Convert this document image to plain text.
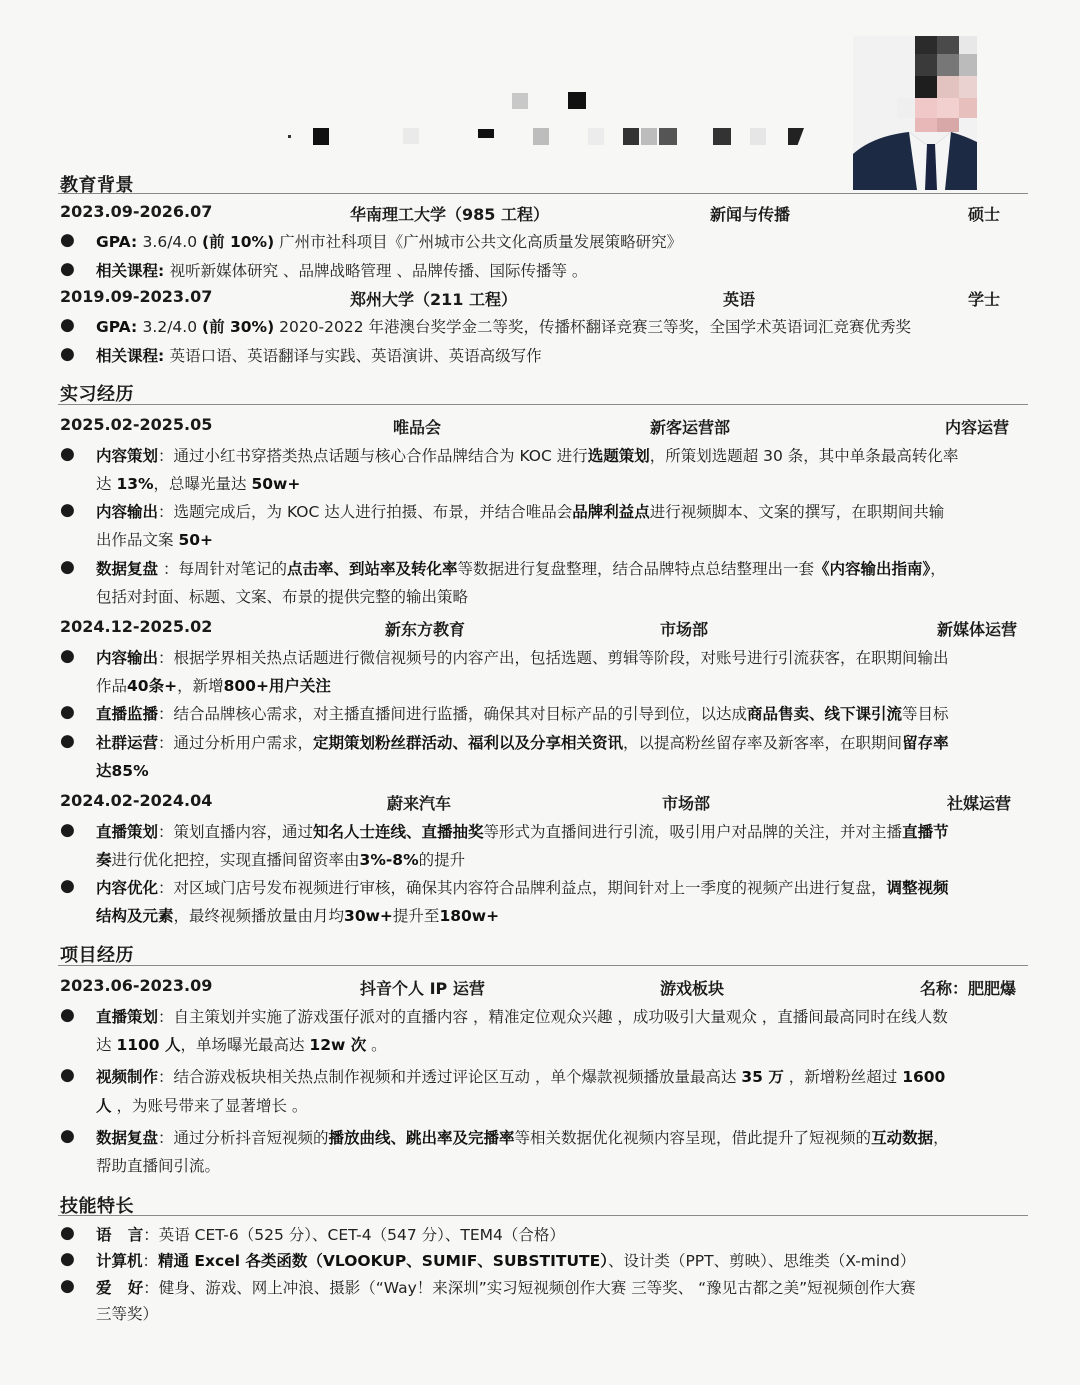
教育背景
2023.09-2026.07	华南理工大学（985 工程）	新闻与传播	硕士
● GPA: 3.6/4.0 (前 10%) 广州市社科项目《广州城市公共文化高质量发展策略研究》
● 相关课程: 视听新媒体研究 、品牌战略管理 、品牌传播、国际传播等 。
2019.09-2023.07	郑州大学（211 工程）	英语	学士
● GPA: 3.2/4.0 (前 30%) 2020-2022 年港澳台奖学金二等奖，传播杯翻译竞赛三等奖，全国学术英语词汇竞赛优秀奖
● 相关课程: 英语口语、英语翻译与实践、英语演讲、英语高级写作
实习经历
2025.02-2025.05	唯品会	新客运营部	内容运营
● 内容策划：通过小红书穿搭类热点话题与核心合作品牌结合为 KOC 进行选题策划，所策划选题超 30 条，其中单条最高转化率
达 13%，总曝光量达 50w+
● 内容输出：选题完成后，为 KOC 达人进行拍摄、布景，并结合唯品会品牌利益点进行视频脚本、文案的撰写，在职期间共输
出作品文案 50+
● 数据复盘 ：每周针对笔记的点击率、到站率及转化率等数据进行复盘整理，结合品牌特点总结整理出一套《内容输出指南》，
包括对封面、标题、文案、布景的提供完整的输出策略
2024.12-2025.02	新东方教育	市场部	新媒体运营
● 内容输出：根据学界相关热点话题进行微信视频号的内容产出，包括选题、剪辑等阶段，对账号进行引流获客，在职期间输出
作品40条+，新增800+用户关注
● 直播监播：结合品牌核心需求，对主播直播间进行监播，确保其对目标产品的引导到位，以达成商品售卖、线下课引流等目标
● 社群运营：通过分析用户需求，定期策划粉丝群活动、福利以及分享相关资讯，以提高粉丝留存率及新客率，在职期间留存率
达85%
2024.02-2024.04	蔚来汽车	市场部	社媒运营
● 直播策划：策划直播内容，通过知名人士连线、直播抽奖等形式为直播间进行引流，吸引用户对品牌的关注，并对主播直播节
奏进行优化把控，实现直播间留资率由3%-8%的提升
● 内容优化：对区域门店号发布视频进行审核，确保其内容符合品牌利益点，期间针对上一季度的视频产出进行复盘，调整视频
结构及元素，最终视频播放量由月均30w+提升至180w+
项目经历
2023.06-2023.09	抖音个人 IP 运营	游戏板块	名称：肥肥爆
● 直播策划：自主策划并实施了游戏蛋仔派对的直播内容 ，精准定位观众兴趣 ，成功吸引大量观众 ，直播间最高同时在线人数
达 1100 人，单场曝光最高达 12w 次 。
● 视频制作：结合游戏板块相关热点制作视频和并透过评论区互动 ，单个爆款视频播放量最高达 35 万 ，新增粉丝超过 1600
人 ，为账号带来了显著增长 。
● 数据复盘：通过分析抖音短视频的播放曲线、跳出率及完播率等相关数据优化视频内容呈现，借此提升了短视频的互动数据，
帮助直播间引流。
技能特长
● 语   言：英语 CET-6（525 分）、CET-4（547 分）、TEM4（合格）
● 计算机：精通 Excel 各类函数（VLOOKUP、SUMIF、SUBSTITUTE）、设计类（PPT、剪映）、思维类（X-mind）
● 爱   好：健身、游戏、网上冲浪、摄影（“Way！来深圳”实习短视频创作大赛 三等奖、 “豫见古都之美”短视频创作大赛
三等奖）
